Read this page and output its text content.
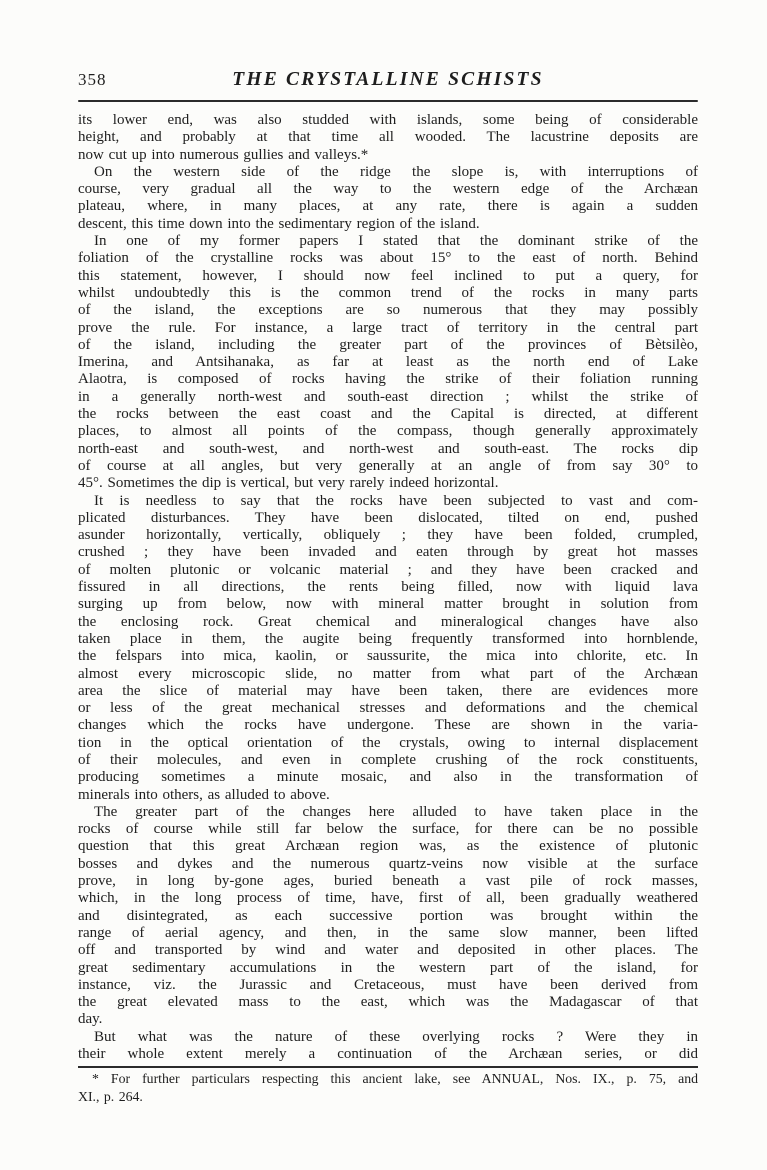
358	THE CRYSTALLINE SCHISTS
its lower end, was also studded with islands, some being of considerable
height, and probably at that time all wooded. The lacustrine deposits are
now cut up into numerous gullies and valleys.*
On the western side of the ridge the slope is, with interruptions of
course, very gradual all the way to the western edge of the Archæan
plateau, where, in many places, at any rate, there is again a sudden
descent, this time down into the sedimentary region of the island.
In one of my former papers I stated that the dominant strike of the
foliation of the crystalline rocks was about 15° to the east of north. Behind
this statement, however, I should now feel inclined to put a query, for
whilst undoubtedly this is the common trend of the rocks in many parts
of the island, the exceptions are so numerous that they may possibly
prove the rule. For instance, a large tract of territory in the central part
of the island, including the greater part of the provinces of Bètsilèo,
Imerina, and Antsihanaka, as far at least as the north end of Lake
Alaotra, is composed of rocks having the strike of their foliation running
in a generally north-west and south-east direction ; whilst the strike of
the rocks between the east coast and the Capital is directed, at different
places, to almost all points of the compass, though generally approximately
north-east and south-west, and north-west and south-east. The rocks dip
of course at all angles, but very generally at an angle of from say 30° to
45°. Sometimes the dip is vertical, but very rarely indeed horizontal.
It is needless to say that the rocks have been subjected to vast and com-
plicated disturbances. They have been dislocated, tilted on end, pushed
asunder horizontally, vertically, obliquely ; they have been folded, crumpled,
crushed ; they have been invaded and eaten through by great hot masses
of molten plutonic or volcanic material ; and they have been cracked and
fissured in all directions, the rents being filled, now with liquid lava
surging up from below, now with mineral matter brought in solution from
the enclosing rock. Great chemical and mineralogical changes have also
taken place in them, the augite being frequently transformed into hornblende,
the felspars into mica, kaolin, or saussurite, the mica into chlorite, etc. In
almost every microscopic slide, no matter from what part of the Archæan
area the slice of material may have been taken, there are evidences more
or less of the great mechanical stresses and deformations and the chemical
changes which the rocks have undergone. These are shown in the varia-
tion in the optical orientation of the crystals, owing to internal displacement
of their molecules, and even in complete crushing of the rock constituents,
producing sometimes a minute mosaic, and also in the transformation of
minerals into others, as alluded to above.
The greater part of the changes here alluded to have taken place in the
rocks of course while still far below the surface, for there can be no possible
question that this great Archæan region was, as the existence of plutonic
bosses and dykes and the numerous quartz-veins now visible at the surface
prove, in long by-gone ages, buried beneath a vast pile of rock masses,
which, in the long process of time, have, first of all, been gradually weathered
and disintegrated, as each successive portion was brought within the
range of aerial agency, and then, in the same slow manner, been lifted
off and transported by wind and water and deposited in other places. The
great sedimentary accumulations in the western part of the island, for
instance, viz. the Jurassic and Cretaceous, must have been derived from
the great elevated mass to the east, which was the Madagascar of that
day.
But what was the nature of these overlying rocks ? Were they in
their whole extent merely a continuation of the Archæan series, or did
* For further particulars respecting this ancient lake, see ANNUAL, Nos. IX., p. 75, and
XI., p. 264.
